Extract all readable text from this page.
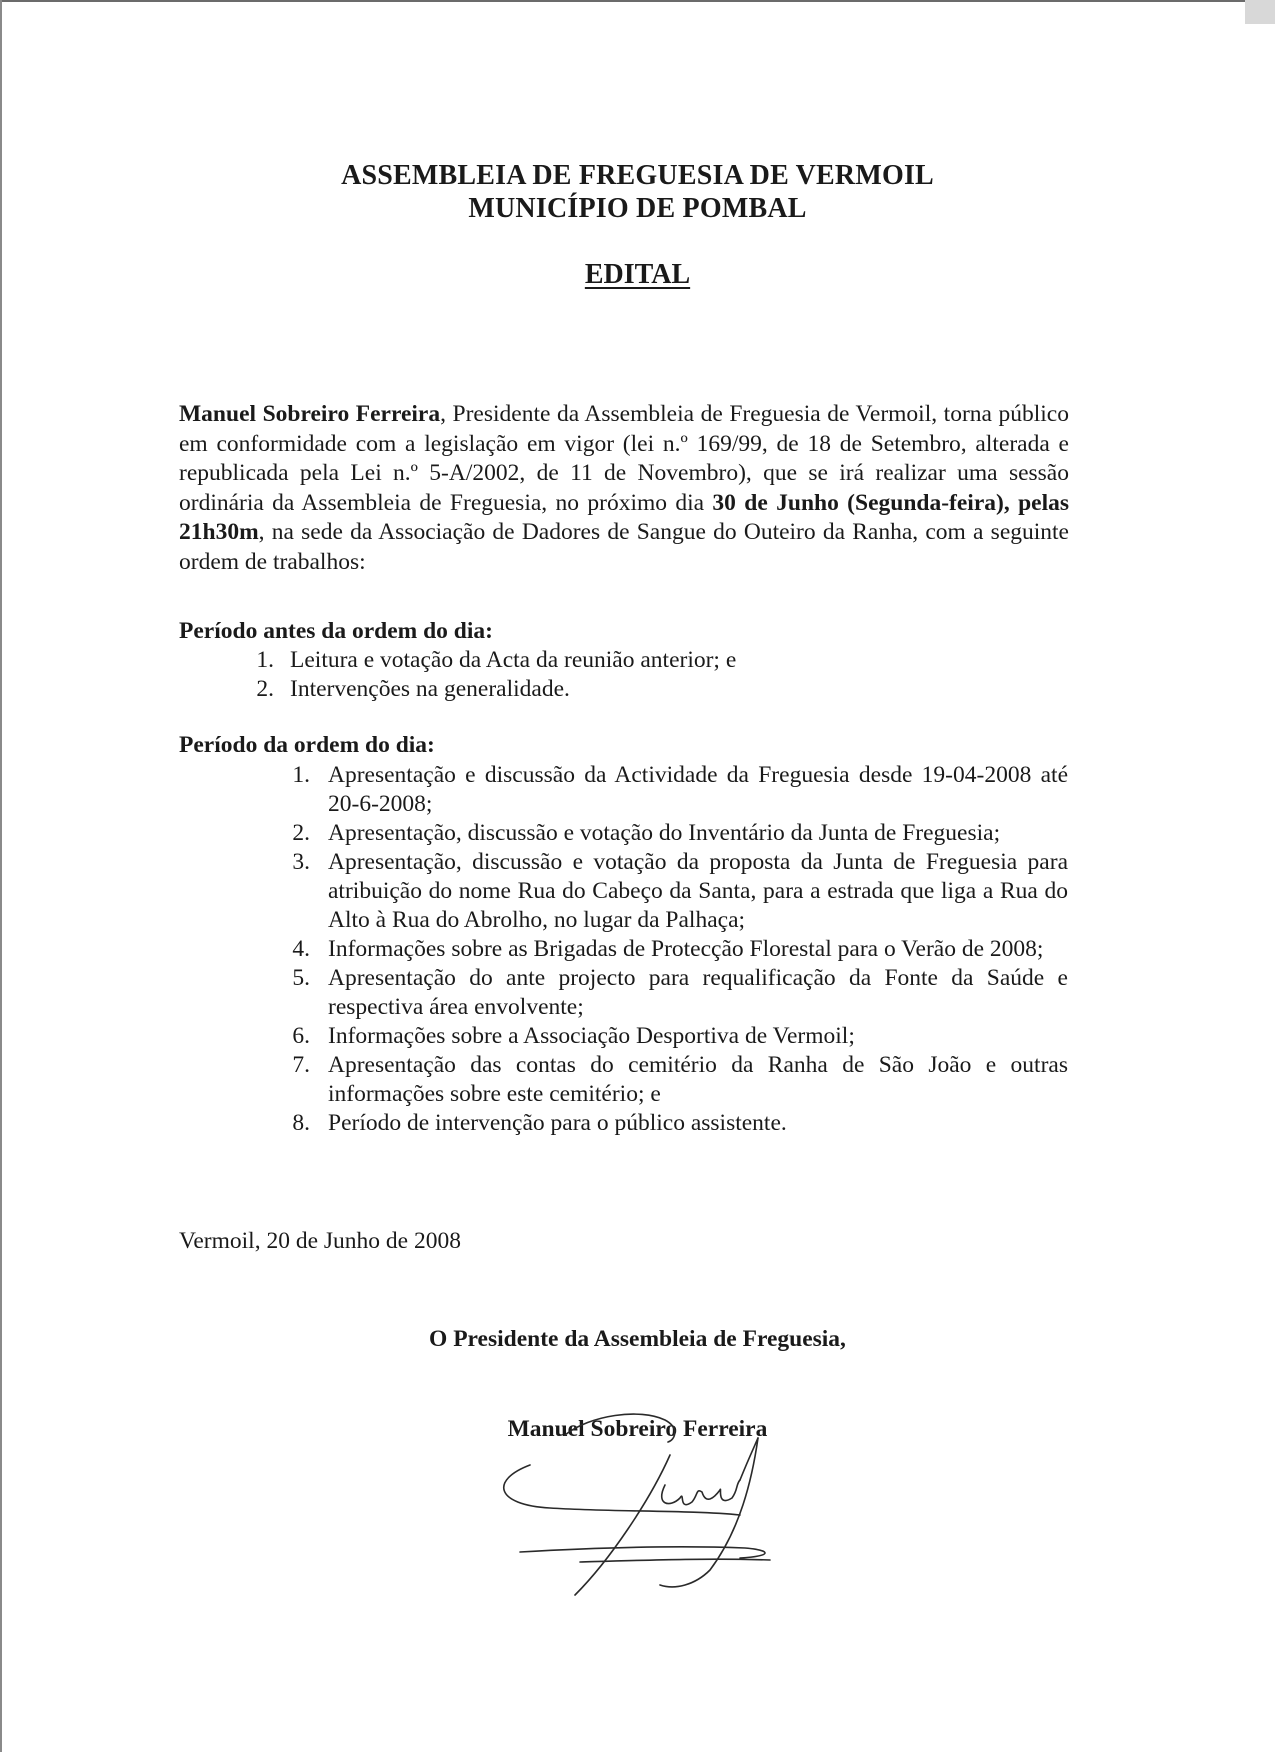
ASSEMBLEIA DE FREGUESIA DE VERMOIL
MUNICÍPIO DE POMBAL
EDITAL
Manuel Sobreiro Ferreira, Presidente da Assembleia de Freguesia de Vermoil, torna público em conformidade com a legislação em vigor (lei n.º 169/99, de 18 de Setembro, alterada e republicada pela Lei n.º 5-A/2002, de 11 de Novembro), que se irá realizar uma sessão ordinária da Assembleia de Freguesia, no próximo dia 30 de Junho (Segunda-feira), pelas 21h30m, na sede da Associação de Dadores de Sangue do Outeiro da Ranha, com a seguinte ordem de trabalhos:
Período antes da ordem do dia:
1. Leitura e votação da Acta da reunião anterior; e
2. Intervenções na generalidade.
Período da ordem do dia:
1. Apresentação e discussão da Actividade da Freguesia desde 19-04-2008 até 20-6-2008;
2. Apresentação, discussão e votação do Inventário da Junta de Freguesia;
3. Apresentação, discussão e votação da proposta da Junta de Freguesia para atribuição do nome Rua do Cabeço da Santa, para a estrada que liga a Rua do Alto à Rua do Abrolho, no lugar da Palhaça;
4. Informações sobre as Brigadas de Protecção Florestal para o Verão de 2008;
5. Apresentação do ante projecto para requalificação da Fonte da Saúde e respectiva área envolvente;
6. Informações sobre a Associação Desportiva de Vermoil;
7. Apresentação das contas do cemitério da Ranha de São João e outras informações sobre este cemitério; e
8. Período de intervenção para o público assistente.
Vermoil, 20 de Junho de 2008
O Presidente da Assembleia de Freguesia,
Manuel Sobreiro Ferreira
